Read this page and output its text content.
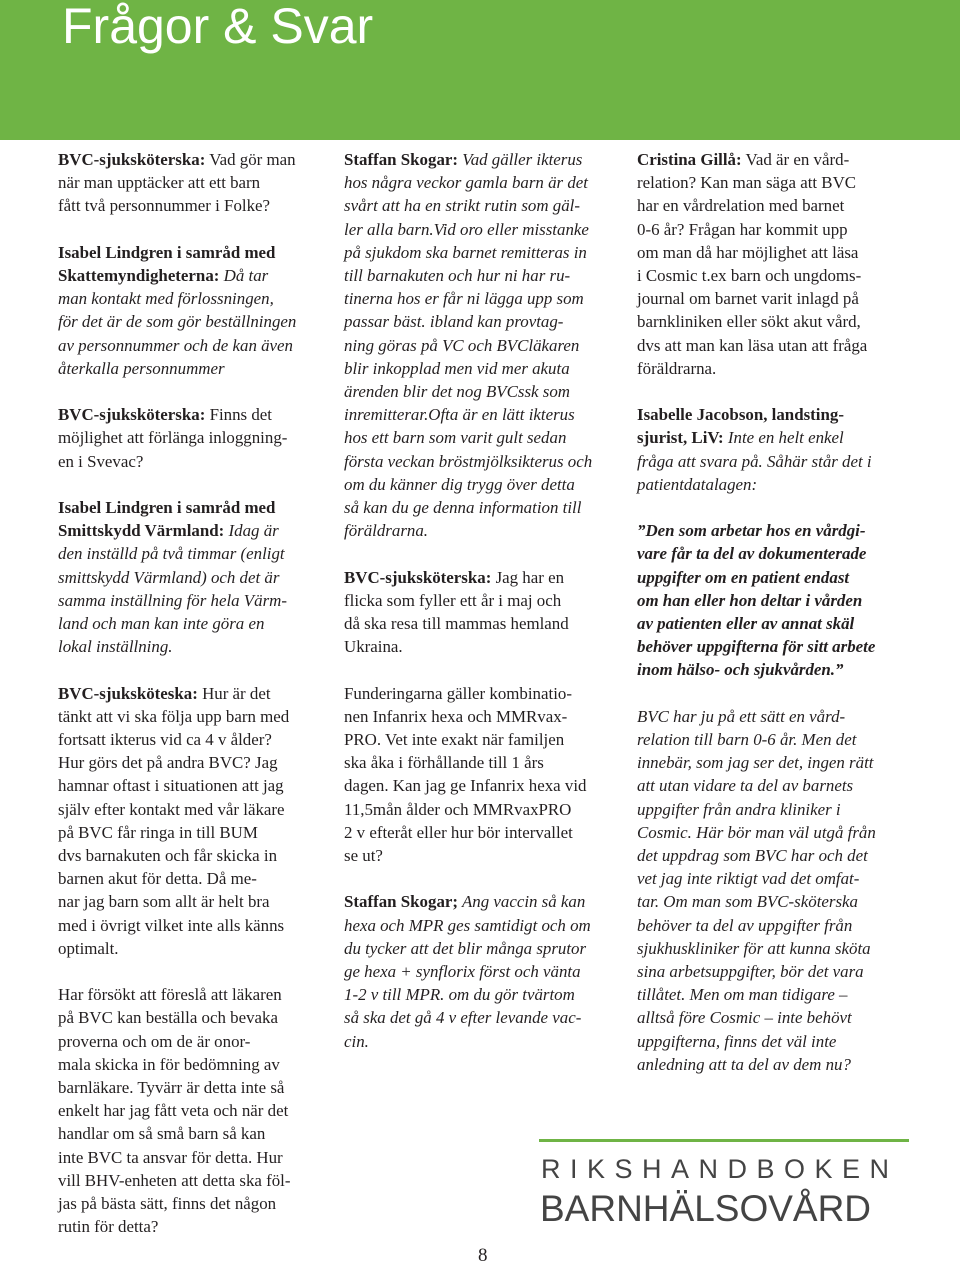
Frågor & Svar

BVC-sjuksköterska: Vad gör man
när man upptäcker att ett barn
fått två personnummer i Folke?

Isabel Lindgren i samråd med
Skattemyndigheterna: Då tar
man kontakt med förlossningen,
för det är de som gör beställningen
av personnummer och de kan även
återkalla personnummer

BVC-sjuksköterska: Finns det
möjlighet att förlänga inloggning-
en i Svevac?

Isabel Lindgren i samråd med
Smittskydd Värmland: Idag är
den inställd på två timmar (enligt
smittskydd Värmland) och det är
samma inställning för hela Värm-
land och man kan inte göra en
lokal inställning.

BVC-sjuksköteska: Hur är det
tänkt att vi ska följa upp barn med
fortsatt ikterus vid ca 4 v ålder?
Hur görs det på andra BVC? Jag
hamnar oftast i situationen att jag
själv efter kontakt med vår läkare
på BVC får ringa in till BUM
dvs barnakuten och får skicka in
barnen akut för detta. Då me-
nar jag barn som allt är helt bra
med i övrigt vilket inte alls känns
optimalt.

Har försökt att föreslå att läkaren
på BVC kan beställa och bevaka
proverna och om de är onor-
mala skicka in för bedömning av
barnläkare. Tyvärr är detta inte så
enkelt har jag fått veta och när det
handlar om så små barn så kan
inte BVC ta ansvar för detta. Hur
vill BHV-enheten att detta ska föl-
jas på bästa sätt, finns det någon
rutin för detta?

Staffan Skogar: Vad gäller ikterus
hos några veckor gamla barn är det
svårt att ha en strikt rutin som gäl-
ler alla barn.Vid oro eller misstanke
på sjukdom ska barnet remitteras in
till barnakuten och hur ni har ru-
tinerna hos er får ni lägga upp som
passar bäst. ibland kan provtag-
ning göras på VC och BVCläkaren
blir inkopplad men vid mer akuta
ärenden blir det nog BVCssk som
inremitterar.Ofta är en lätt ikterus
hos ett barn som varit gult sedan
första veckan bröstmjölksikterus och
om du känner dig trygg över detta
så kan du ge denna information till
föräldrarna.

BVC-sjuksköterska: Jag har en
flicka som fyller ett år i maj och
då ska resa till mammas hemland
Ukraina.

Funderingarna gäller kombinatio-
nen Infanrix hexa och MMRvax-
PRO. Vet inte exakt när familjen
ska åka i förhållande till 1 års
dagen. Kan jag ge Infanrix hexa vid
11,5mån ålder och MMRvaxPRO
2 v efteråt eller hur bör intervallet
se ut?

Staffan Skogar; Ang vaccin så kan
hexa och MPR ges samtidigt och om
du tycker att det blir många sprutor
ge hexa + synflorix först och vänta
1-2 v till MPR. om du gör tvärtom
så ska det gå 4 v efter levande vac-
cin.

Cristina Gillå: Vad är en vård-
relation? Kan man säga att BVC
har en vårdrelation med barnet
0-6 år? Frågan har kommit upp
om man då har möjlighet att läsa
i Cosmic t.ex barn och ungdoms-
journal om barnet varit inlagd på
barnkliniken eller sökt akut vård,
dvs att man kan läsa utan att fråga
föräldrarna.

Isabelle Jacobson, landsting-
sjurist, LiV: Inte en helt enkel
fråga att svara på. Såhär står det i
patientdatalagen:

”Den som arbetar hos en vårdgi-
vare får ta del av dokumenterade
uppgifter om en patient endast
om han eller hon deltar i vården
av patienten eller av annat skäl
behöver uppgifterna för sitt arbete
inom hälso- och sjukvården.”

BVC har ju på ett sätt en vård-
relation till barn 0-6 år. Men det
innebär, som jag ser det, ingen rätt
att utan vidare ta del av barnets
uppgifter från andra kliniker i
Cosmic. Här bör man väl utgå från
det uppdrag som BVC har och det
vet jag inte riktigt vad det omfat-
tar. Om man som BVC-sköterska
behöver ta del av uppgifter från
sjukhuskliniker för att kunna sköta
sina arbetsuppgifter, bör det vara
tillåtet. Men om man tidigare –
alltså före Cosmic – inte behövt
uppgifterna, finns det väl inte
anledning att ta del av dem nu?

RIKSHANDBOKEN
BARNHÄLSOVÅRD
8
